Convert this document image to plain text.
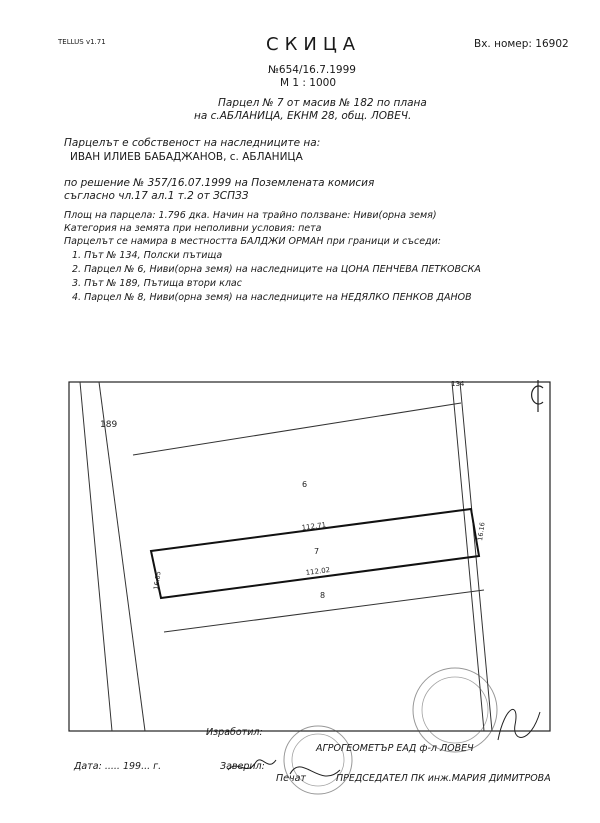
TELLUS v1.71	СКИЦА	Вх. номер: 16902
№654/16.7.1999
М 1 : 1000
Парцел № 7 от масив № 182 по плана
на с.АБЛАНИЦА, ЕКНМ 28, общ. ЛОВЕЧ.
Парцелът е собственост на наследниците на:
ИВАН ИЛИЕВ БАБАДЖАНОВ, с. АБЛАНИЦА
по решение № 357/16.07.1999 на Поземлената комисия
съгласно чл.17 ал.1 т.2 от ЗСПЗЗ
Площ на парцела: 1.796 дка. Начин на трайно ползване: Ниви(орна земя)
Категория на земята при неполивни условия: пета
Парцелът се намира в местността БАЛДЖИ ОРМАН при граници и съседи:
1. Път № 134, Полски пътища
2. Парцел № 6, Ниви(орна земя) на наследниците на ЦОНА ПЕНЧЕВА ПЕТКОВСКА
3. Път № 189, Пътища втори клас
4. Парцел № 8, Ниви(орна земя) на наследниците на НЕДЯЛКО ПЕНКОВ ДАНОВ
189
134
6
7
8
112.71
112.02
16.05
16.16
Изработил:
АГРОГЕОМЕТЪР ЕАД ф-л ЛОВЕЧ
Дата: ..... 199... г.	Заверил:
Печат	ПРЕДСЕДАТЕЛ ПК инж.МАРИЯ ДИМИТРОВА
